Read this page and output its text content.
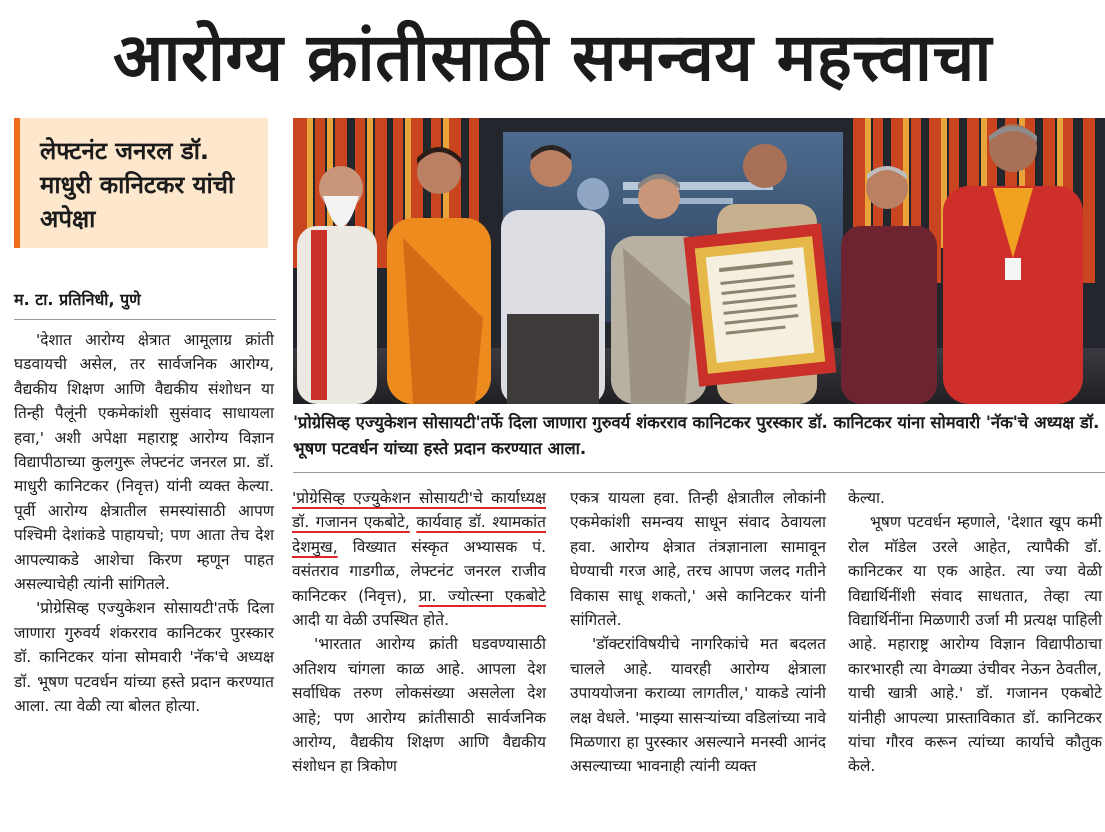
आरोग्य क्रांतीसाठी समन्वय महत्त्वाचा
लेफ्टनंट जनरल डॉ. माधुरी कानिटकर यांची अपेक्षा
म. टा. प्रतिनिधी, पुणे

'देशात आरोग्य क्षेत्रात आमूलाग्र क्रांती घडवायची असेल, तर सार्वजनिक आरोग्य, वैद्यकीय शिक्षण आणि वैद्यकीय संशोधन या तिन्ही पैलूंनी एकमेकांशी सुसंवाद साधायला हवा,' अशी अपेक्षा महाराष्ट्र आरोग्य विज्ञान विद्यापीठाच्या कुलगुरू लेफ्टनंट जनरल प्रा. डॉ. माधुरी कानिटकर (निवृत्त) यांनी व्यक्त केल्या. पूर्वी आरोग्य क्षेत्रातील समस्यांसाठी आपण पश्चिमी देशांकडे पाहायचो; पण आता तेच देश आपल्याकडे आशेचा किरण म्हणून पाहत असल्याचेही त्यांनी सांगितले.

'प्रोग्रेसिव्ह एज्युकेशन सोसायटी'तर्फे दिला जाणारा गुरुवर्य शंकरराव कानिटकर पुरस्कार डॉ. कानिटकर यांना सोमवारी 'नॅक'चे अध्यक्ष डॉ. भूषण पटवर्धन यांच्या हस्ते प्रदान करण्यात आला. त्या वेळी त्या बोलत होत्या.

'प्रोग्रेसिव्ह एज्युकेशन सोसायटी'तर्फे दिला जाणारा गुरुवर्य शंकरराव कानिटकर पुरस्कार डॉ. कानिटकर यांना सोमवारी 'नॅक'चे अध्यक्ष डॉ. भूषण पटवर्धन यांच्या हस्ते प्रदान करण्यात आला.

'प्रोग्रेसिव्ह एज्युकेशन सोसायटी'चे कार्याध्यक्ष डॉ. गजानन एकबोटे, कार्यवाह डॉ. श्यामकांत देशमुख, विख्यात संस्कृत अभ्यासक पं. वसंतराव गाडगीळ, लेफ्टनंट जनरल राजीव कानिटकर (निवृत्त), प्रा. ज्योत्स्ना एकबोटे आदी या वेळी उपस्थित होते.

'भारतात आरोग्य क्रांती घडवण्यासाठी अतिशय चांगला काळ आहे. आपला देश सर्वाधिक तरुण लोकसंख्या असलेला देश आहे; पण आरोग्य क्रांतीसाठी सार्वजनिक आरोग्य, वैद्यकीय शिक्षण आणि वैद्यकीय संशोधन हा त्रिकोण

एकत्र यायला हवा. तिन्ही क्षेत्रातील लोकांनी एकमेकांशी समन्वय साधून संवाद ठेवायला हवा. आरोग्य क्षेत्रात तंत्रज्ञानाला सामावून घेण्याची गरज आहे, तरच आपण जलद गतीने विकास साधू शकतो,' असे कानिटकर यांनी सांगितले.

'डॉक्टरांविषयीचे नागरिकांचे मत बदलत चालले आहे. यावरही आरोग्य क्षेत्राला उपाययोजना कराव्या लागतील,' याकडे त्यांनी लक्ष वेधले. 'माझ्या सासऱ्यांच्या वडिलांच्या नावे मिळणारा हा पुरस्कार असल्याने मनस्वी आनंद असल्याच्या भावनाही त्यांनी व्यक्त

केल्या.

भूषण पटवर्धन म्हणाले, 'देशात खूप कमी रोल मॉडेल उरले आहेत, त्यापैकी डॉ. कानिटकर या एक आहेत. त्या ज्या वेळी विद्यार्थिनींशी संवाद साधतात, तेव्हा त्या विद्यार्थिनींना मिळणारी उर्जा मी प्रत्यक्ष पाहिली आहे. महाराष्ट्र आरोग्य विज्ञान विद्यापीठाचा कारभारही त्या वेगळ्या उंचीवर नेऊन ठेवतील, याची खात्री आहे.' डॉ. गजानन एकबोटे यांनीही आपल्या प्रास्ताविकात डॉ. कानिटकर यांचा गौरव करून त्यांच्या कार्याचे कौतुक केले.
